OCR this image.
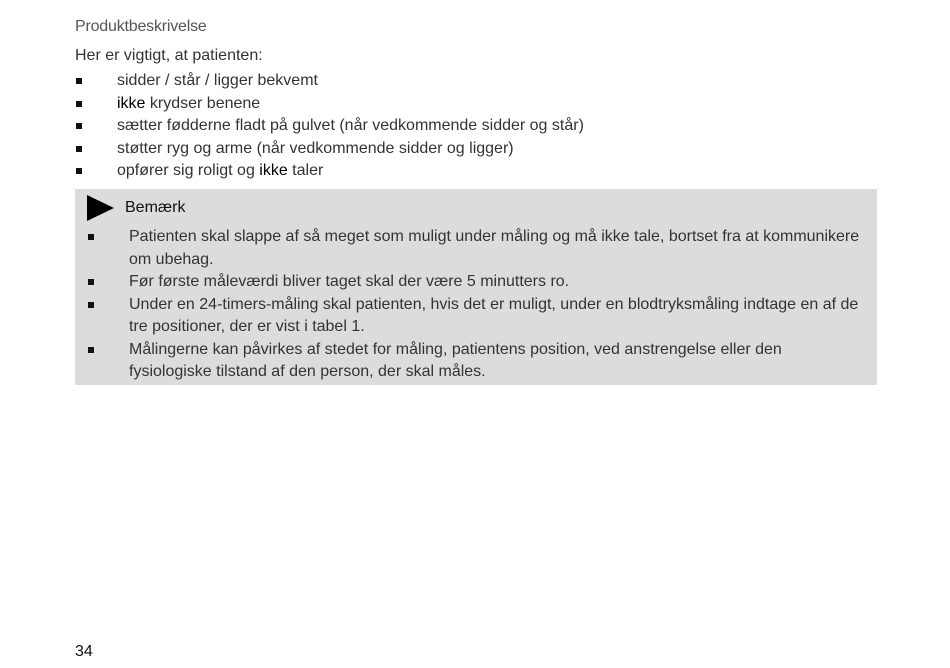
Produktbeskrivelse
Her er vigtigt, at patienten:
sidder / står / ligger bekvemt
ikke krydser benene
sætter fødderne fladt på gulvet (når vedkommende sidder og står)
støtter ryg og arme (når vedkommende sidder og ligger)
opfører sig roligt og ikke taler
Bemærk
Patienten skal slappe af så meget som muligt under måling og må ikke tale, bortset fra at kommunikere om ubehag.
Før første måleværdi bliver taget skal der være 5 minutters ro.
Under en 24-timers-måling skal patienten, hvis det er muligt, under en blodtryksmåling indtage en af de tre positioner, der er vist i tabel 1.
Målingerne kan påvirkes af stedet for måling, patientens position, ved anstrengelse eller den fysiologiske tilstand af den person, der skal måles.
34
